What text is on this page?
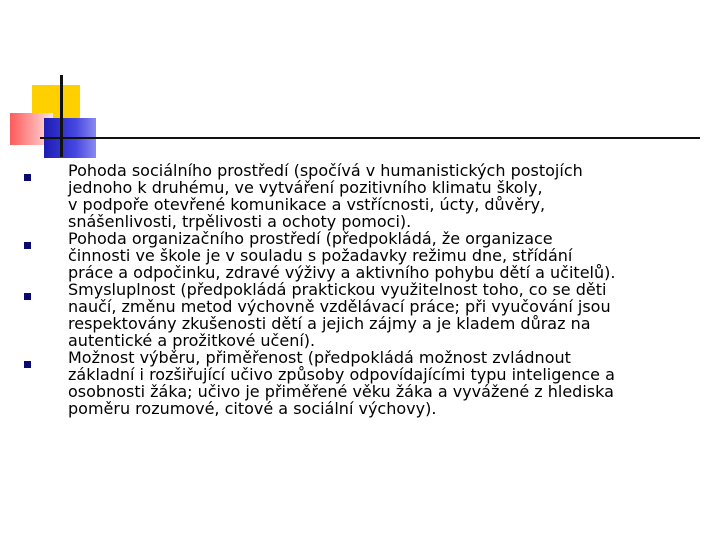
Pohoda sociálního prostředí (spočívá v humanistických postojích
jednoho k druhému, ve vytváření pozitivního klimatu školy,
v podpoře otevřené komunikace a vstřícnosti, úcty, důvěry,
snášenlivosti, trpělivosti a ochoty pomoci).
Pohoda organizačního prostředí (předpokládá, že organizace
činnosti ve škole je v souladu s požadavky režimu dne, střídání
práce a odpočinku, zdravé výživy a aktivního pohybu dětí a učitelů).
Smysluplnost (předpokládá praktickou využitelnost toho, co se děti
naučí, změnu metod výchovně vzdělávací práce; při vyučování jsou
respektovány zkušenosti dětí a jejich zájmy a je kladem důraz na
autentické a prožitkové učení).
Možnost výběru, přiměřenost (předpokládá možnost zvládnout
základní i rozšiřující učivo způsoby odpovídajícími typu inteligence a
osobnosti žáka; učivo je přiměřené věku žáka a vyvážené z hlediska
poměru rozumové, citové a sociální výchovy).
